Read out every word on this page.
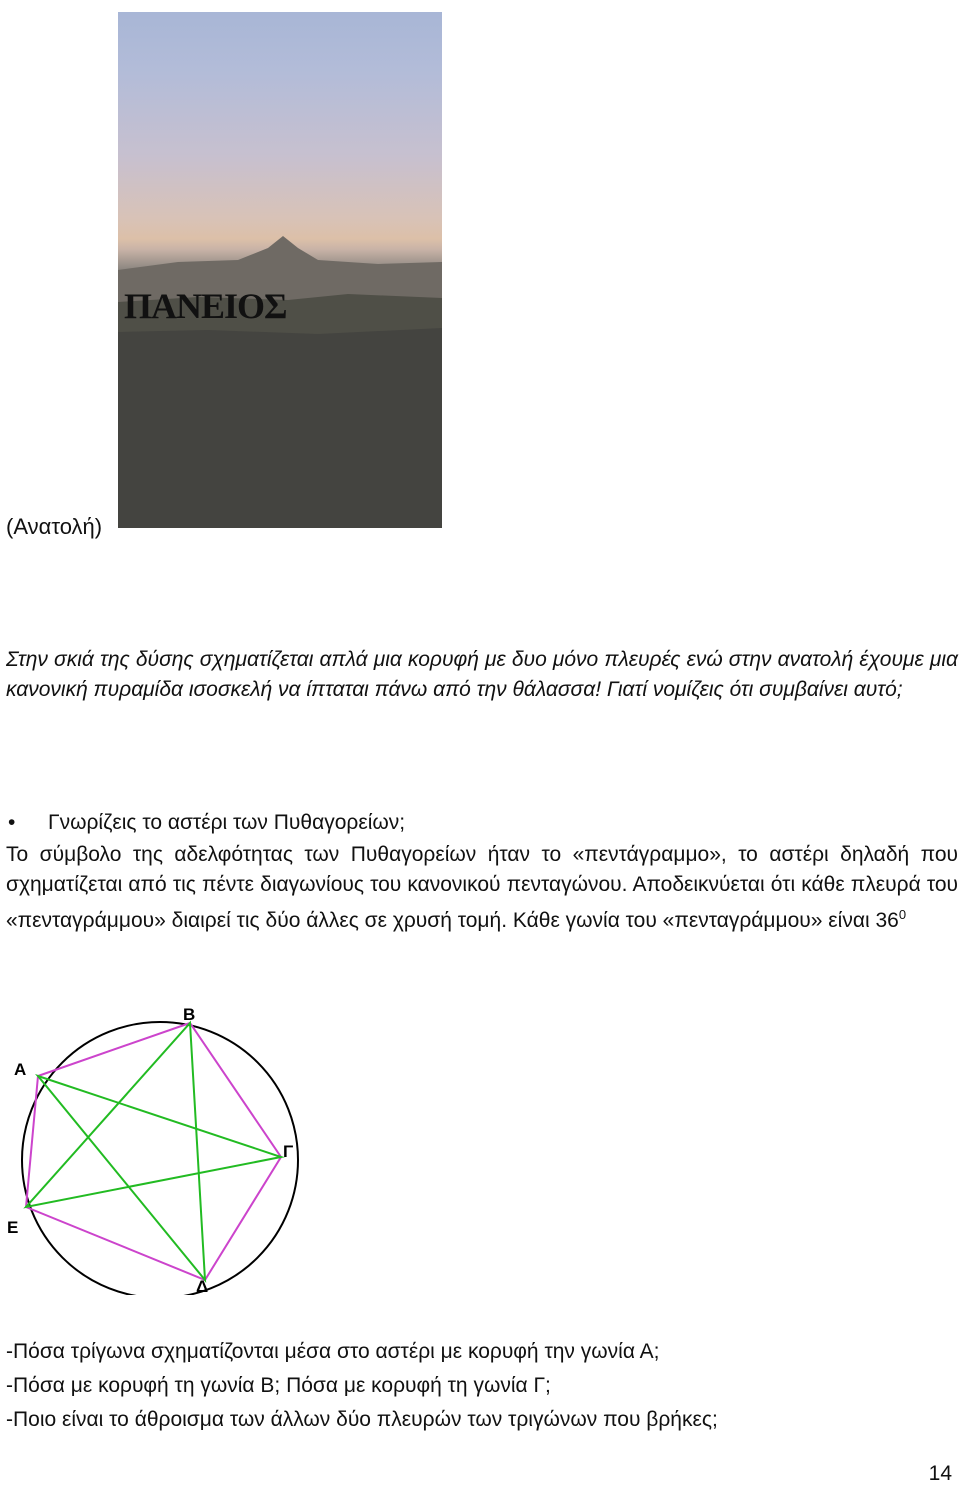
ΠΑΝΕΙΟΣ
(Ανατολή)
Στην σκιά της δύσης σχηματίζεται απλά μια κορυφή με δυο μόνο πλευρές ενώ στην ανατολή έχουμε μια κανονική πυραμίδα ισοσκελή να ίπταται πάνω από την θάλασσα! Γιατί νομίζεις ότι συμβαίνει αυτό;
• Γνωρίζεις το αστέρι των Πυθαγορείων;
Το σύμβολο της αδελφότητας των Πυθαγορείων ήταν το «πεντάγραμμο», το αστέρι δηλαδή που σχηματίζεται από τις πέντε διαγωνίους του κανονικού πενταγώνου. Αποδεικνύεται ότι κάθε πλευρά του «πενταγράμμου» διαιρεί τις δύο άλλες σε χρυσή τομή. Κάθε γωνία του «πενταγράμμου» είναι $36^0$
Α
Β
Γ
Δ
Ε
-Πόσα τρίγωνα σχηματίζονται μέσα στο αστέρι με κορυφή την γωνία Α;
-Πόσα με κορυφή τη γωνία Β; Πόσα με κορυφή τη γωνία Γ;
-Ποιο είναι το άθροισμα των άλλων δύο πλευρών των τριγώνων που βρήκες;
14
